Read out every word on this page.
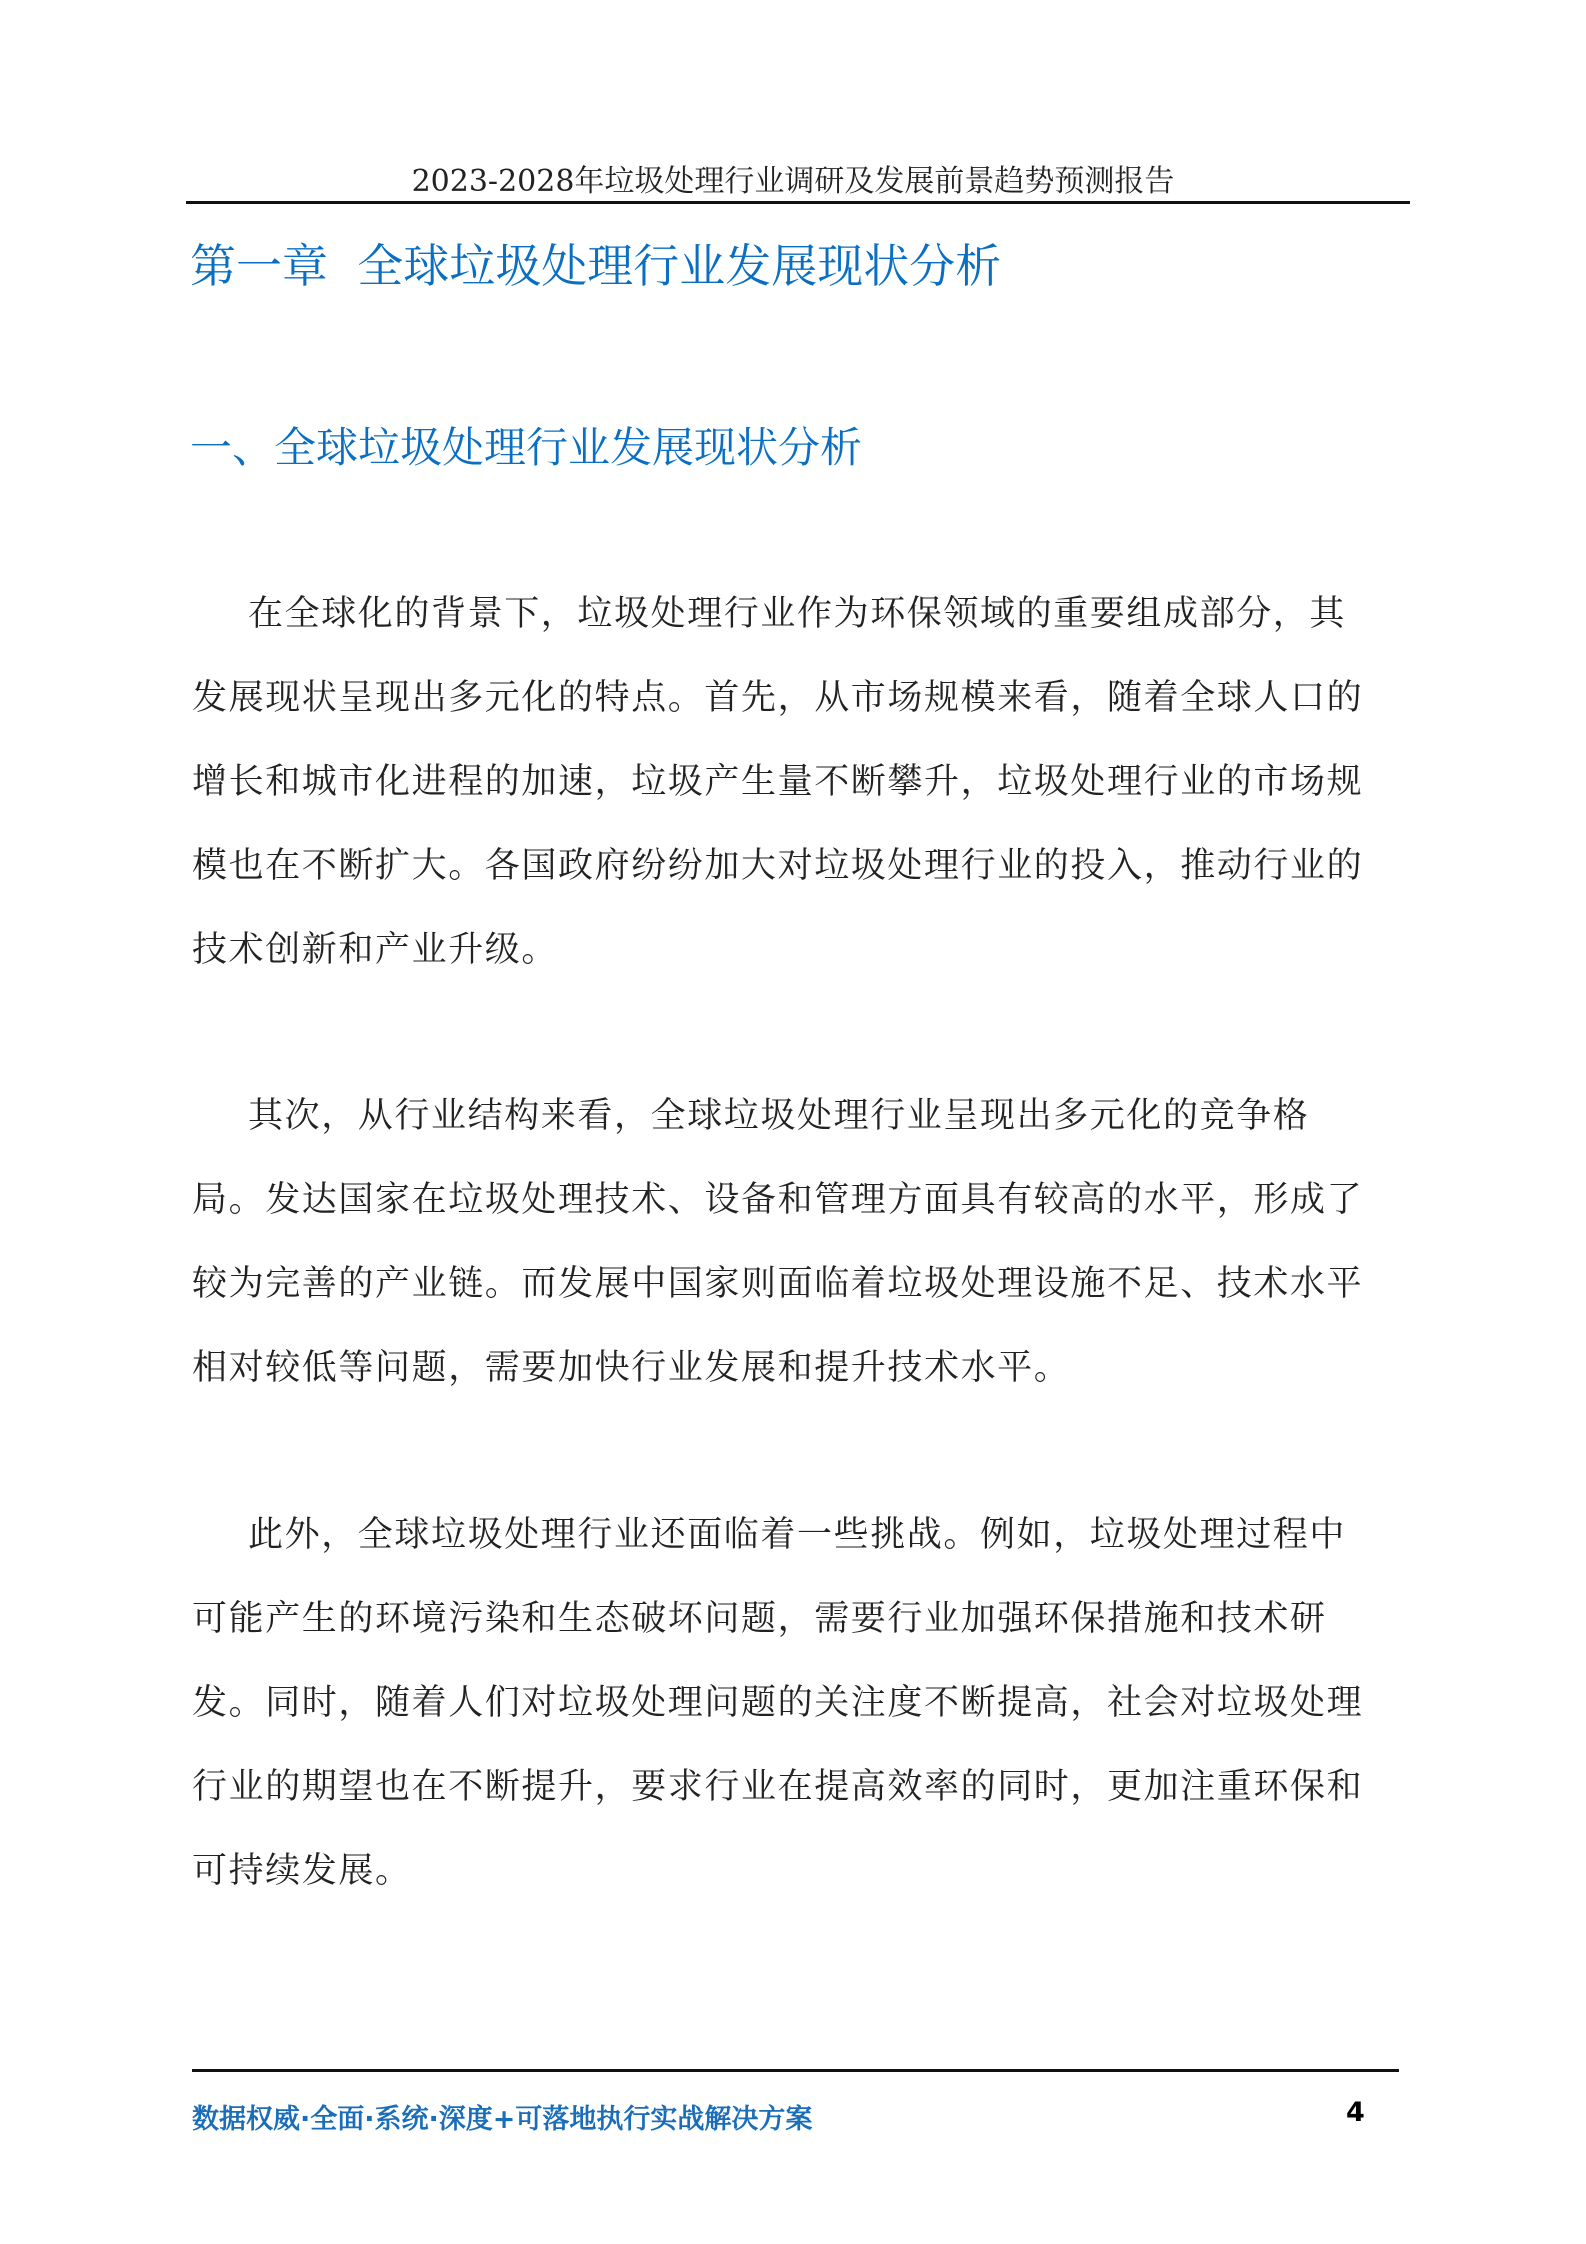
2023-2028年垃圾处理行业调研及发展前景趋势预测报告
第一章  全球垃圾处理行业发展现状分析
一、全球垃圾处理行业发展现状分析
在全球化的背景下，垃圾处理行业作为环保领域的重要组成部分，其
发展现状呈现出多元化的特点。首先，从市场规模来看，随着全球人口的
增长和城市化进程的加速，垃圾产生量不断攀升，垃圾处理行业的市场规
模也在不断扩大。各国政府纷纷加大对垃圾处理行业的投入，推动行业的
技术创新和产业升级。
其次，从行业结构来看，全球垃圾处理行业呈现出多元化的竞争格
局。发达国家在垃圾处理技术、设备和管理方面具有较高的水平，形成了
较为完善的产业链。而发展中国家则面临着垃圾处理设施不足、技术水平
相对较低等问题，需要加快行业发展和提升技术水平。
此外，全球垃圾处理行业还面临着一些挑战。例如，垃圾处理过程中
可能产生的环境污染和生态破坏问题，需要行业加强环保措施和技术研
发。同时，随着人们对垃圾处理问题的关注度不断提高，社会对垃圾处理
行业的期望也在不断提升，要求行业在提高效率的同时，更加注重环保和
可持续发展。
数据权威·全面·系统·深度+可落地执行实战解决方案	4
